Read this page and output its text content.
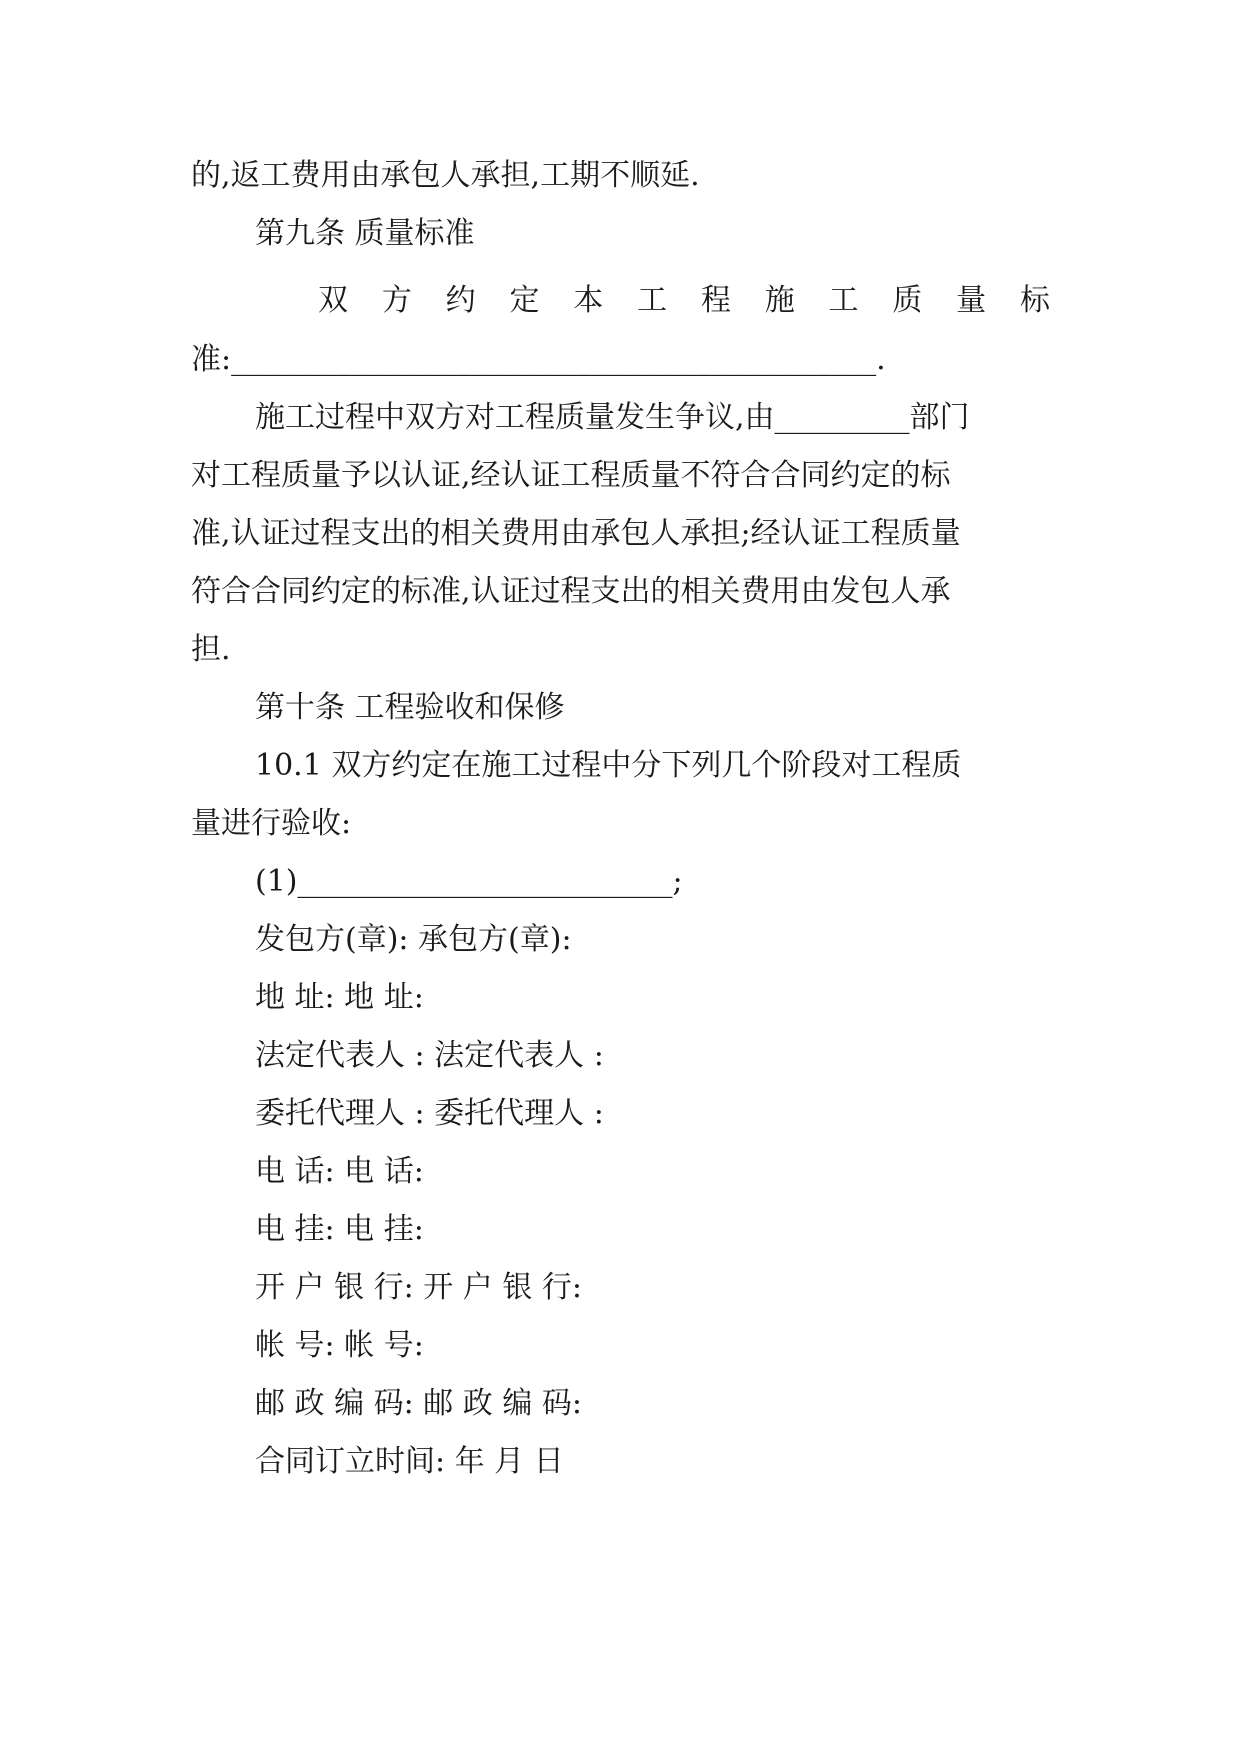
的,返工费用由承包人承担,工期不顺延.

第九条 质量标准

双 方 约 定 本 工 程 施 工 质 量 标

准:___________________________________________.

施工过程中双方对工程质量发生争议,由_________部门

对工程质量予以认证,经认证工程质量不符合合同约定的标

准,认证过程支出的相关费用由承包人承担;经认证工程质量

符合合同约定的标准,认证过程支出的相关费用由发包人承

担.

第十条 工程验收和保修

10.1 双方约定在施工过程中分下列几个阶段对工程质

量进行验收:

(1)_________________________;

发包方(章): 承包方(章):

地 址: 地 址:

法定代表人 : 法定代表人 :

委托代理人 : 委托代理人 :

电 话: 电 话:

电 挂: 电 挂:

开 户 银 行: 开 户 银 行:

帐 号: 帐 号:

邮 政 编 码: 邮 政 编 码:

合同订立时间: 年 月 日
